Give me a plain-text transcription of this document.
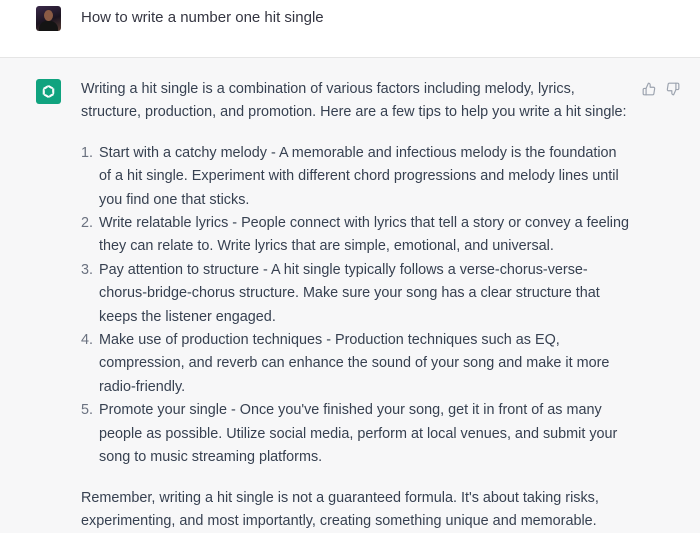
How to write a number one hit single

Writing a hit single is a combination of various factors including melody, lyrics, structure, production, and promotion. Here are a few tips to help you write a hit single:

1. Start with a catchy melody - A memorable and infectious melody is the foundation of a hit single. Experiment with different chord progressions and melody lines until you find one that sticks.
2. Write relatable lyrics - People connect with lyrics that tell a story or convey a feeling they can relate to. Write lyrics that are simple, emotional, and universal.
3. Pay attention to structure - A hit single typically follows a verse-chorus-verse-chorus-bridge-chorus structure. Make sure your song has a clear structure that keeps the listener engaged.
4. Make use of production techniques - Production techniques such as EQ, compression, and reverb can enhance the sound of your song and make it more radio-friendly.
5. Promote your single - Once you've finished your song, get it in front of as many people as possible. Utilize social media, perform at local venues, and submit your song to music streaming platforms.

Remember, writing a hit single is not a guaranteed formula. It's about taking risks, experimenting, and most importantly, creating something unique and memorable.
